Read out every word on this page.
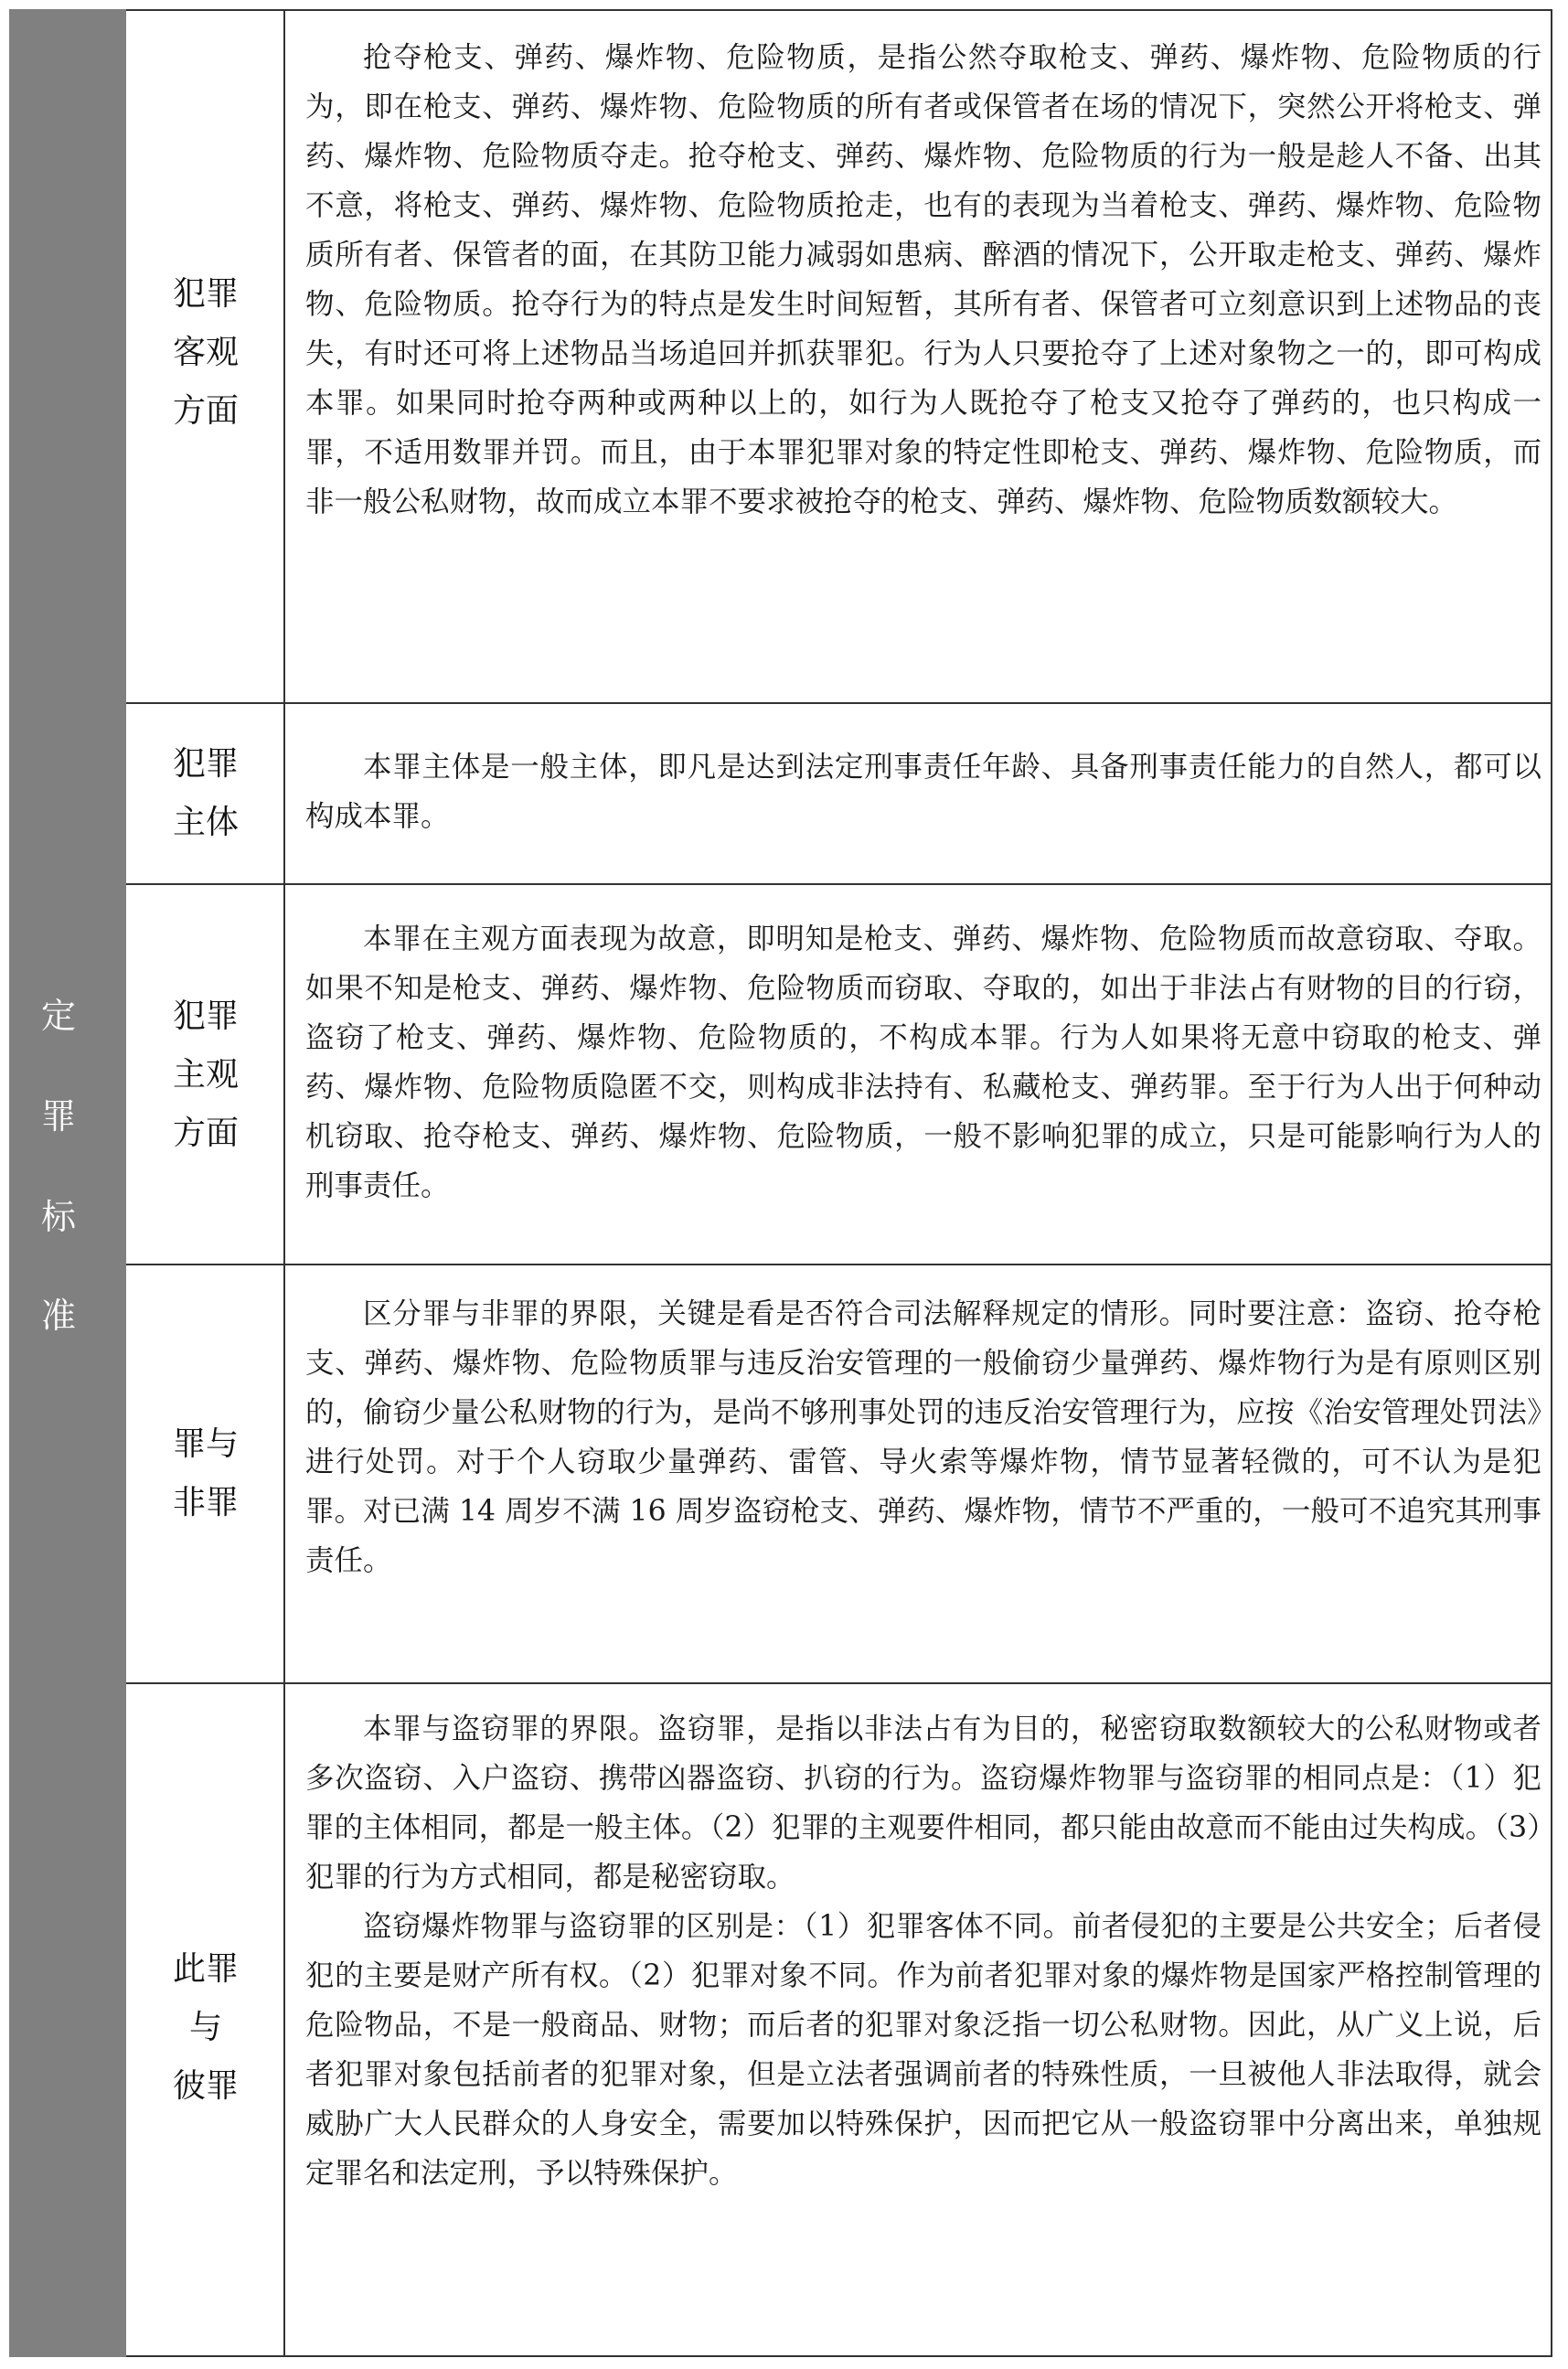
定
罪
标
准
犯罪
客观
方面

抢夺枪支、弹药、爆炸物、危险物质，是指公然夺取枪支、弹药、爆炸物、危险物质的行为，即在枪支、弹药、爆炸物、危险物质的所有者或保管者在场的情况下，突然公开将枪支、弹药、爆炸物、危险物质夺走。抢夺枪支、弹药、爆炸物、危险物质的行为一般是趁人不备、出其不意，将枪支、弹药、爆炸物、危险物质抢走，也有的表现为当着枪支、弹药、爆炸物、危险物质所有者、保管者的面，在其防卫能力减弱如患病、醉酒的情况下，公开取走枪支、弹药、爆炸物、危险物质。抢夺行为的特点是发生时间短暂，其所有者、保管者可立刻意识到上述物品的丧失，有时还可将上述物品当场追回并抓获罪犯。行为人只要抢夺了上述对象物之一的，即可构成本罪。如果同时抢夺两种或两种以上的，如行为人既抢夺了枪支又抢夺了弹药的，也只构成一罪，不适用数罪并罚。而且，由于本罪犯罪对象的特定性即枪支、弹药、爆炸物、危险物质，而非一般公私财物，故而成立本罪不要求被抢夺的枪支、弹药、爆炸物、危险物质数额较大。

犯罪
主体

本罪主体是一般主体，即凡是达到法定刑事责任年龄、具备刑事责任能力的自然人，都可以构成本罪。

犯罪
主观
方面

本罪在主观方面表现为故意，即明知是枪支、弹药、爆炸物、危险物质而故意窃取、夺取。如果不知是枪支、弹药、爆炸物、危险物质而窃取、夺取的，如出于非法占有财物的目的行窃，盗窃了枪支、弹药、爆炸物、危险物质的，不构成本罪。行为人如果将无意中窃取的枪支、弹药、爆炸物、危险物质隐匿不交，则构成非法持有、私藏枪支、弹药罪。至于行为人出于何种动机窃取、抢夺枪支、弹药、爆炸物、危险物质，一般不影响犯罪的成立，只是可能影响行为人的刑事责任。

罪与
非罪

区分罪与非罪的界限，关键是看是否符合司法解释规定的情形。同时要注意：盗窃、抢夺枪支、弹药、爆炸物、危险物质罪与违反治安管理的一般偷窃少量弹药、爆炸物行为是有原则区别的，偷窃少量公私财物的行为，是尚不够刑事处罚的违反治安管理行为，应按《治安管理处罚法》进行处罚。对于个人窃取少量弹药、雷管、导火索等爆炸物，情节显著轻微的，可不认为是犯罪。对已满 14 周岁不满 16 周岁盗窃枪支、弹药、爆炸物，情节不严重的，一般可不追究其刑事责任。

此罪
与
彼罪

本罪与盗窃罪的界限。盗窃罪，是指以非法占有为目的，秘密窃取数额较大的公私财物或者多次盗窃、入户盗窃、携带凶器盗窃、扒窃的行为。盗窃爆炸物罪与盗窃罪的相同点是：（1）犯罪的主体相同，都是一般主体。（2）犯罪的主观要件相同，都只能由故意而不能由过失构成。（3）犯罪的行为方式相同，都是秘密窃取。

盗窃爆炸物罪与盗窃罪的区别是：（1）犯罪客体不同。前者侵犯的主要是公共安全；后者侵犯的主要是财产所有权。（2）犯罪对象不同。作为前者犯罪对象的爆炸物是国家严格控制管理的危险物品，不是一般商品、财物；而后者的犯罪对象泛指一切公私财物。因此，从广义上说，后者犯罪对象包括前者的犯罪对象，但是立法者强调前者的特殊性质，一旦被他人非法取得，就会威胁广大人民群众的人身安全，需要加以特殊保护，因而把它从一般盗窃罪中分离出来，单独规定罪名和法定刑，予以特殊保护。
